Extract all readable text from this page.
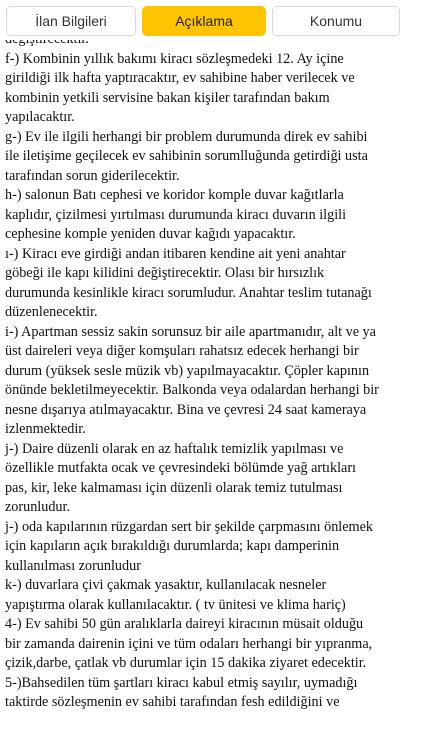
İlan Bilgileri	Açıklama	Konumu

f-) Kombinin yıllık bakımı kiracı sözleşmedeki 12. Ay içine
girildiği ilk hafta yaptıracaktır, ev sahibine haber verilecek ve
kombinin yetkili servisine bakan kişiler tarafından bakım
yapılacaktır.

g-) Ev ile ilgili herhangi bir problem durumunda direk ev sahibi
ile iletişime geçilecek ev sahibinin sorumlluğunda getirdiği usta
tarafından sorun giderilecektir.

h-) salonun Batı cephesi ve koridor komple duvar kağıtlarla
kaplıdır, çizilmesi yırtılması durumunda kiracı duvarın ilgili
cephesine komple yeniden duvar kağıdı yapacaktır.

ı-) Kiracı eve girdiği andan itibaren kendine ait yeni anahtar
göbeği ile kapı kilidini değiştirecektir. Olası bir hırsızlık
durumunda kesinlikle kiracı sorumludur. Anahtar teslim tutanağı
düzenlenecektir.

i-) Apartman sessiz sakin sorunsuz bir aile apartmanıdır, alt ve ya
üst daireleri veya diğer komşuları rahatsız edecek herhangi bir
durum (yüksek sesle müzik vb) yapılmayacaktır. Çöpler kapının
önünde bekletilmeyecektir. Balkonda veya odalardan herhangi bir
nesne dışarıya atılmayacaktır. Bina ve çevresi 24 saat kameraya
izlenmektedir.

j-) Daire düzenli olarak en az haftalık temizlik yapılması ve
özellikle mutfakta ocak ve çevresindeki bölümde yağ artıkları
pas, kir, leke kalmaması için düzenli olarak temiz tutulması
zorunludur.

j-) oda kapılarının rüzgardan sert bir şekilde çarpmasını önlemek
için kapıların açık bırakıldığı durumlarda; kapı damperinin
kullanılması zorunludur

k-) duvarlara çivi çakmak yasaktır, kullanılacak nesneler
yapıştırma olarak kullanılacaktır. ( tv ünitesi ve klima hariç)

4-) Ev sahibi 50 gün aralıklarla daireyi kiracının müsait olduğu
bir zamanda dairenin içini ve tüm odaları herhangi bir yıpranma,
çizik,darbe, çatlak vb durumlar için 15 dakika ziyaret edecektir.

5-)Bahsedilen tüm şartları kiracı kabul etmiş sayılır, uymadığı
taktirde sözleşmenin ev sahibi tarafından fesh edildiğini ve
